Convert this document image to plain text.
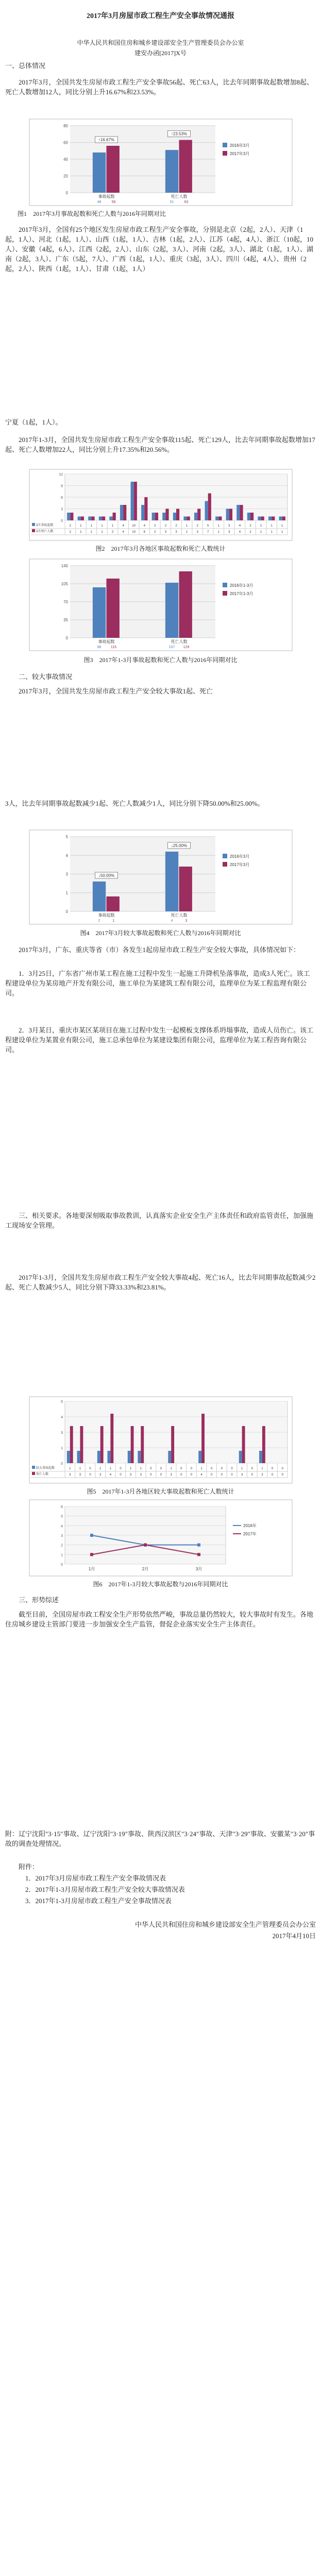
2017年3月房屋市政工程生产安全事故情况通报
中华人民共和国住房和城乡建设部安全生产管理委员会办公室
建安办函[2017]X号
一、总体情况
2017年3月，全国共发生房屋市政工程生产安全事故56起、死亡63人，比去年同期事故起数增加8起、死亡人数增加12人，同比分别上升16.67%和23.53%。
0
20
40
60
80
↑16.67%
↑23.53%
事故起数	死亡人数
2016年3月
48	51
2017年3月
56	63
图1　2017年3月事故起数和死亡人数与2016年同期对比
2017年3月，全国有25个地区发生房屋市政工程生产安全事故，分别是北京（2起，2人）、天津（1起，1人）、河北（1起，1人）、山西（1起，1人）、吉林（1起，2人）、江苏（4起，4人）、浙江（10起，10人）、安徽（4起，6人）、江西（2起，2人）、山东（2起，3人）、河南（2起，3人）、湖北（1起，1人）、湖南（2起，3人）、广东（5起，7人）、广西（1起，1人）、重庆（3起，3人）、四川（4起，4人）、贵州（2起，2人）、陕西（1起，1人）、甘肃（1起，1人）
宁夏（1起，1人）。
2017年1-3月，全国共发生房屋市政工程生产安全事故115起、死亡129人，比去年同期事故起数增加17起、死亡人数增加22人，同比分别上升17.35%和20.56%。
0
3
6
9
12
2	1	1	1	1	4	10	4	2	2	2	1	2	5	1	3	4	2	1	1	1
3月事故起数
2	1	1	1	2	4	10	6	2	3	3	1	3	7	1	3	4	2	1	1	1
3月死亡人数
图2　2017年3月各地区事故起数和死亡人数统计
0
35
70
105
140
事故起数	死亡人数
2016年1-3月
98	107
2017年1-3月
115	129
图3　2017年1-3月事故起数和死亡人数与2016年同期对比
二、较大事故情况
2017年3月，全国共发生房屋市政工程生产安全较大事故1起、死亡
3人，比去年同期事故起数减少1起、死亡人数减少1人，同比分别下降50.00%和25.00%。
0
1
3
4
5
↓50.00%
↓25.00%
事故起数	死亡人数
2016年3月
2	4
2017年3月
1	3
图4　2017年3月较大事故起数和死亡人数与2016年同期对比
2017年3月，广东、重庆等省（市）各发生1起房屋市政工程生产安全较大事故，具体情况如下：
1．3月25日，广东省广州市某工程在施工过程中发生一起施工升降机坠落事故，造成3人死亡。该工程建设单位为某房地产开发有限公司，施工单位为某建筑工程有限公司，监理单位为某工程监理有限公司。
2．3月某日，重庆市某区某项目在施工过程中发生一起模板支撑体系坍塌事故，造成人员伤亡。该工程建设单位为某置业有限公司，施工总承包单位为某建设集团有限公司，监理单位为某工程咨询有限公司。
三、相关要求。各地要深刻吸取事故教训，认真落实企业安全生产主体责任和政府监管责任，加强施工现场安全管理。
2017年1-3月，全国共发生房屋市政工程生产安全较大事故4起、死亡16人，比去年同期事故起数减少2起、死亡人数减少5人，同比分别下降33.33%和23.81%。
0
1
3
4
5
1	1	0	1	1	0	1	1	0	0	1	0	0	1	0	0	0	1	0	1	0	0
较大事故起数
3	3	0	3	4	0	3	3	0	0	3	0	0	4	0	0	0	3	0	3	0	0
死亡人数
图5　2017年1-3月各地区较大事故起数和死亡人数统计
0
1
2
3
4
5
6
1月	2月	3月
2016年
2017年
图6　2017年1-3月较大事故起数与2016年同期对比
三、形势综述
截至目前，全国房屋市政工程安全生产形势依然严峻，事故总量仍然较大，较大事故时有发生。各地住房城乡建设主管部门要进一步加强安全生产监管，督促企业落实安全生产主体责任。
附：辽宁沈阳"3·15"事故、辽宁沈阳"3·19"事故、陕西汉滨区"3·24"事故、天津"3·29"事故、安徽某"3·20"事故的调查处理情况。
附件：
1．2017年3月房屋市政工程生产安全事故情况表
2．2017年1-3月房屋市政工程生产安全较大事故情况表
3．2017年1-3月房屋市政工程生产安全事故情况表
中华人民共和国住房和城乡建设部安全生产管理委员会办公室
2017年4月10日
